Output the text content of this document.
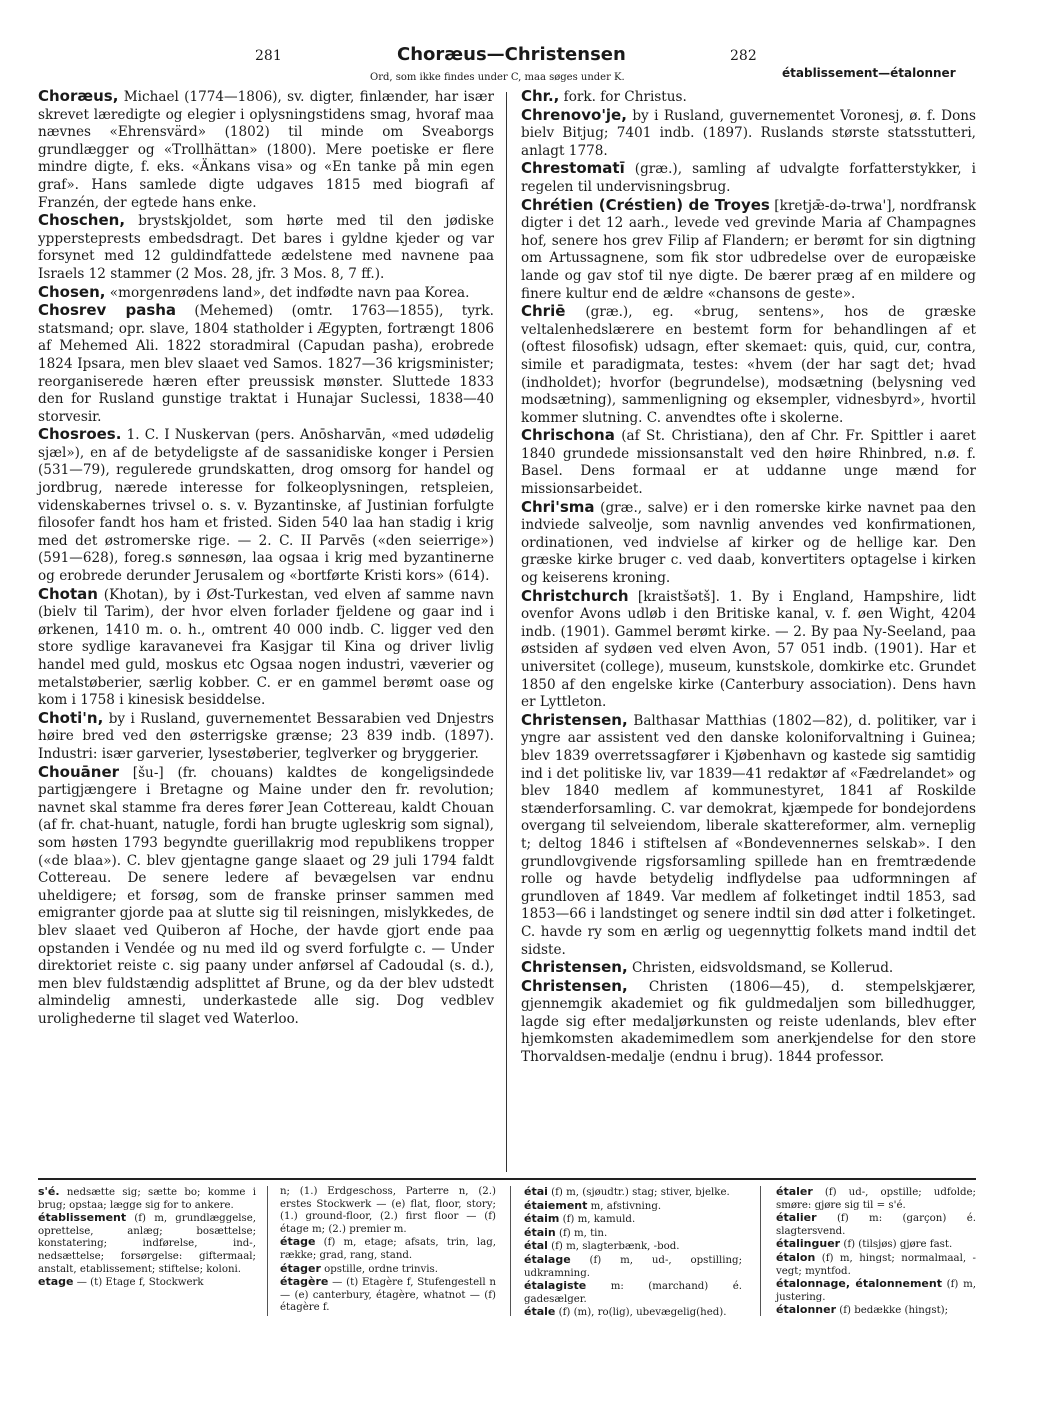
281	Choræus—Christensen	282
Ord, som ikke findes under C, maa søges under K.	établissement—étalonner

Choræus, Michael (1774—1806), sv. digter, finlænder, har især skrevet læredigte og elegier i oplysningstidens smag, hvoraf maa nævnes «Ehrensvärd» (1802) til minde om Sveaborgs grundlægger og «Trollhättan» (1800). Mere poetiske er flere mindre digte, f. eks. «Änkans visa» og «En tanke på min egen graf». Hans samlede digte udgaves 1815 med biografi af Franzén, der egtede hans enke.

Choschen, brystskjoldet, som hørte med til den jødiske yppersteprests embedsdragt. Det bares i gyldne kjeder og var forsynet med 12 guldindfattede ædelstene med navnene paa Israels 12 stammer (2 Mos. 28, jfr. 3 Mos. 8, 7 ff.).

Chosen, «morgenrødens land», det indfødte navn paa Korea.

Chosrev pasha (Mehemed) (omtr. 1763—1855), tyrk. statsmand; opr. slave, 1804 statholder i Ægypten, fortrængt 1806 af Mehemed Ali. 1822 storadmiral (Capudan pasha), erobrede 1824 Ipsara, men blev slaaet ved Samos. 1827—36 krigsminister; reorganiserede hæren efter preussisk mønster. Sluttede 1833 den for Rusland gunstige traktat i Hunajar Suclessi, 1838—40 storvesir.

Chosroes. 1. C. I Nuskervan (pers. Anōsharvān, «med udødelig sjæl»), en af de betydeligste af de sassanidiske konger i Persien (531—79), regulerede grundskatten, drog omsorg for handel og jordbrug, nærede interesse for folkeoplysningen, retspleien, videnskabernes trivsel o. s. v. Byzantinske, af Justinian forfulgte filosofer fandt hos ham et fristed. Siden 540 laa han stadig i krig med det østromerske rige. — 2. C. II Parvēs («den seierrige») (591—628), foreg.s sønnesøn, laa ogsaa i krig med byzantinerne og erobrede derunder Jerusalem og «bortførte Kristi kors» (614).

Chotan (Khotan), by i Øst-Turkestan, ved elven af samme navn (bielv til Tarim), der hvor elven forlader fjeldene og gaar ind i ørkenen, 1410 m. o. h., omtrent 40 000 indb. C. ligger ved den store sydlige karavanevei fra Kasjgar til Kina og driver livlig handel med guld, moskus etc Ogsaa nogen industri, væverier og metalstøberier, særlig kobber. C. er en gammel berømt oase og kom i 1758 i kinesisk besiddelse.

Choti'n, by i Rusland, guvernementet Bessarabien ved Dnjestrs høire bred ved den østerrigske grænse; 23 839 indb. (1897). Industri: især garverier, lysestøberier, teglverker og bryggerier.

Chouāner [šu-] (fr. chouans) kaldtes de kongeligsindede partigjængere i Bretagne og Maine under den fr. revolution; navnet skal stamme fra deres fører Jean Cottereau, kaldt Chouan (af fr. chat-huant, natugle, fordi han brugte ugleskrig som signal), som høsten 1793 begyndte guerillakrig mod republikens tropper («de blaa»). C. blev gjentagne gange slaaet og 29 juli 1794 faldt Cottereau. De senere ledere af bevægelsen var endnu uheldigere; et forsøg, som de franske prinser sammen med emigranter gjorde paa at slutte sig til reisningen, mislykkedes, de blev slaaet ved Quiberon af Hoche, der havde gjort ende paa opstanden i Vendée og nu med ild og sverd forfulgte c. — Under direktoriet reiste c. sig paany under anførsel af Cadoudal (s. d.), men blev fuldstændig adsplittet af Brune, og da der blev udstedt almindelig amnesti, underkastede alle sig. Dog vedblev urolighederne til slaget ved Waterloo.

Chr., fork. for Christus.

Chrenovo'je, by i Rusland, guvernementet Voronesj, ø. f. Dons bielv Bitjug; 7401 indb. (1897). Ruslands største statsstutteri, anlagt 1778.

Chrestomatī (græ.), samling af udvalgte forfatterstykker, i regelen til undervisningsbrug.

Chrétien (Créstien) de Troyes [kretjǣ-də-trwa'], nordfransk digter i det 12 aarh., levede ved grevinde Maria af Champagnes hof, senere hos grev Filip af Flandern; er berømt for sin digtning om Artussagnene, som fik stor udbredelse over de europæiske lande og gav stof til nye digte. De bærer præg af en mildere og finere kultur end de ældre «chansons de geste».

Chriē (græ.), eg. «brug, sentens», hos de græske veltalenhedslærere en bestemt form for behandlingen af et (oftest filosofisk) udsagn, efter skemaet: quis, quid, cur, contra, simile et paradigmata, testes: «hvem (der har sagt det; hvad (indholdet); hvorfor (begrundelse), modsætning (belysning ved modsætning), sammenligning og eksempler, vidnesbyrd», hvortil kommer slutning. C. anvendtes ofte i skolerne.

Chrischona (af St. Christiana), den af Chr. Fr. Spittler i aaret 1840 grundede missionsanstalt ved den høire Rhinbred, n.ø. f. Basel. Dens formaal er at uddanne unge mænd for missionsarbeidet.

Chri'sma (græ., salve) er i den romerske kirke navnet paa den indviede salveolje, som navnlig anvendes ved konfirmationen, ordinationen, ved indvielse af kirker og de hellige kar. Den græske kirke bruger c. ved daab, konvertiters optagelse i kirken og keiserens kroning.

Christchurch [kraistšǝtš]. 1. By i England, Hampshire, lidt ovenfor Avons udløb i den Britiske kanal, v. f. øen Wight, 4204 indb. (1901). Gammel berømt kirke. — 2. By paa Ny-Seeland, paa østsiden af sydøen ved elven Avon, 57 051 indb. (1901). Har et universitet (college), museum, kunstskole, domkirke etc. Grundet 1850 af den engelske kirke (Canterbury association). Dens havn er Lyttleton.

Christensen, Balthasar Matthias (1802—82), d. politiker, var i yngre aar assistent ved den danske koloniforvaltning i Guinea; blev 1839 overretssagfører i Kjøbenhavn og kastede sig samtidig ind i det politiske liv, var 1839—41 redaktør af «Fædrelandet» og blev 1840 medlem af kommunestyret, 1841 af Roskilde stænderforsamling. C. var demokrat, kjæmpede for bondejordens overgang til selveiendom, liberale skattereformer, alm. verneplig t; deltog 1846 i stiftelsen af «Bondevennernes selskab». I den grundlovgivende rigsforsamling spillede han en fremtrædende rolle og havde betydelig indflydelse paa udformningen af grundloven af 1849. Var medlem af folketinget indtil 1853, sad 1853—66 i landstinget og senere indtil sin død atter i folketinget. C. havde ry som en ærlig og uegennyttig folkets mand indtil det sidste.

Christensen, Christen, eidsvoldsmand, se Kollerud.

Christensen, Christen (1806—45), d. stempelskjærer, gjennemgik akademiet og fik guldmedaljen som billedhugger, lagde sig efter medaljørkunsten og reiste udenlands, blev efter hjemkomsten akademimedlem som anerkjendelse for den store Thorvaldsen-medalje (endnu i brug). 1844 professor.

s'é. nedsætte sig; sætte bo; komme i brug; opstaa; lægge sig for to ankere.

établissement (f) m, grundlæggelse, oprettelse, anlæg; bosættelse; konstatering; indførelse, ind-, nedsættelse; forsørgelse: giftermaal; anstalt, etablissement; stiftelse; koloni.

etage — (t) Etage f, Stockwerk

n; (1.) Erdgeschoss, Parterre n, (2.) erstes Stockwerk — (e) flat, floor, story; (1.) ground-floor, (2.) first floor — (f) étage m; (2.) premier m.

étage (f) m, etage; afsats, trin, lag, række; grad, rang, stand.

étager opstille, ordne trinvis.

étagère — (t) Etagère f, Stufengestell n — (e) canterbury, étagère, whatnot — (f) étagère f.

étai (f) m, (sjøudtr.) stag; stiver, bjelke.

étaiement m, afstivning.

étaim (f) m, kamuld.

étain (f) m, tin.

étal (f) m, slagterbænk, -bod.

étalage (f) m, ud-, opstilling; udkramning.

étalagiste m: (marchand) é. gadesælger.

étale (f) (m), ro(lig), ubevægelig(hed).

étaler (f) ud-, opstille; udfolde; smøre: gjøre sig til = s'é.

étalier (f) m: (garçon) é. slagtersvend.

étalinguer (f) (tilsjøs) gjøre fast.

étalon (f) m, hingst; normalmaal, -vegt; myntfod.

étalonnage, étalonnement (f) m, justering.

étalonner (f) bedække (hingst);
